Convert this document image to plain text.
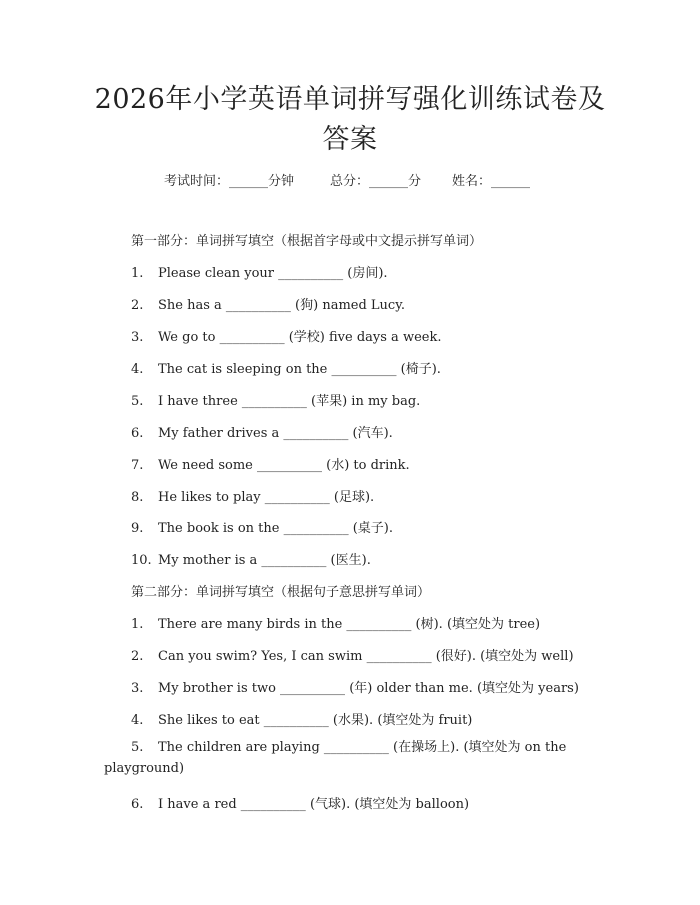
2026年小学英语单词拼写强化训练试卷及答案
考试时间：______分钟	总分：______分 姓名：______
第一部分：单词拼写填空（根据首字母或中文提示拼写单词）
1. Please clean your __________ (房间).
2. She has a __________ (狗) named Lucy.
3. We go to __________ (学校) five days a week.
4. The cat is sleeping on the __________ (椅子).
5. I have three __________ (苹果) in my bag.
6. My father drives a __________ (汽车).
7. We need some __________ (水) to drink.
8. He likes to play __________ (足球).
9. The book is on the __________ (桌子).
10. My mother is a __________ (医生).
第二部分：单词拼写填空（根据句子意思拼写单词）
1. There are many birds in the __________ (树). (填空处为 tree)
2. Can you swim? Yes, I can swim __________ (很好). (填空处为 well)
3. My brother is two __________ (年) older than me. (填空处为 years)
4. She likes to eat __________ (水果). (填空处为 fruit)
5. The children are playing __________ (在操场上). (填空处为 on the playground)
6. I have a red __________ (气球). (填空处为 balloon)
